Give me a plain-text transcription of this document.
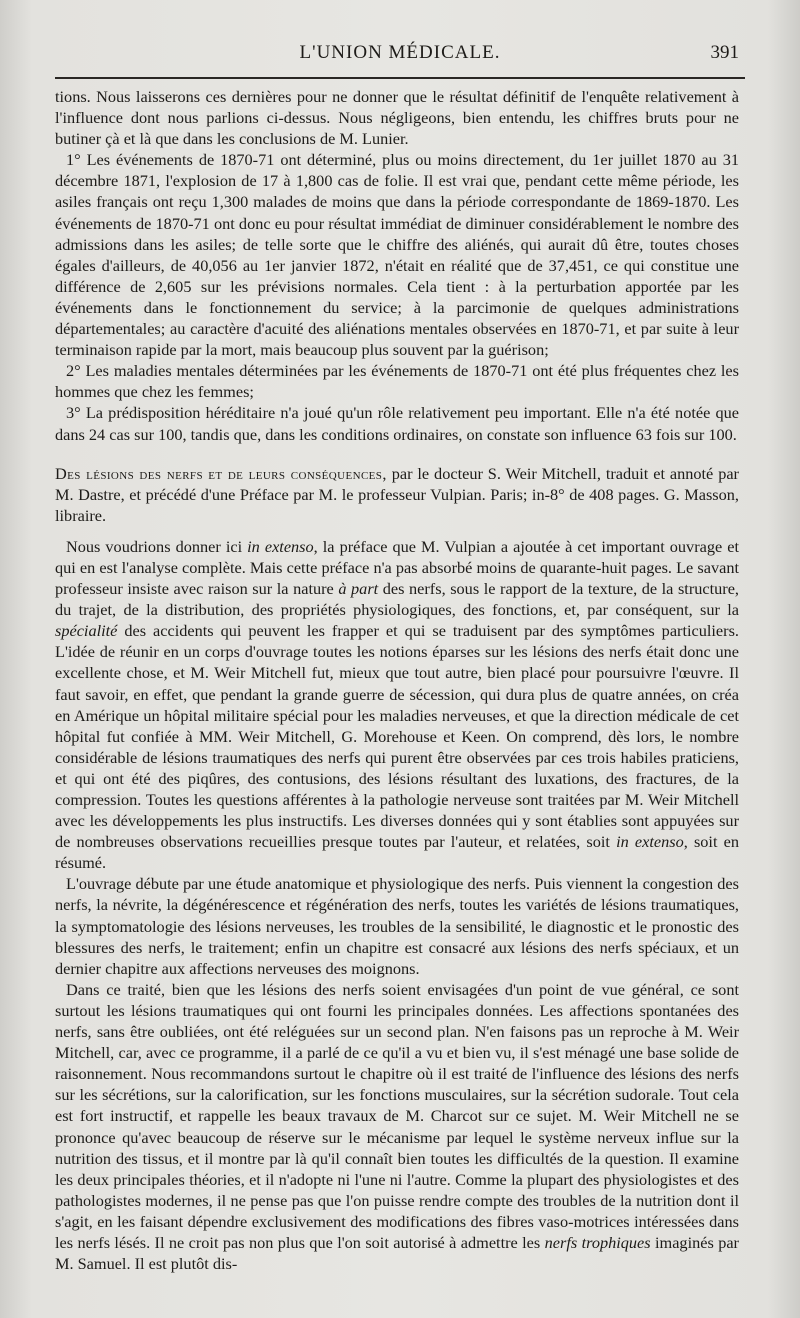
L'UNION MÉDICALE.	391

tions. Nous laisserons ces dernières pour ne donner que le résultat définitif de l'enquête relativement à l'influence dont nous parlions ci-dessus. Nous négligeons, bien entendu, les chiffres bruts pour ne butiner çà et là que dans les conclusions de M. Lunier.

1° Les événements de 1870-71 ont déterminé, plus ou moins directement, du 1er juillet 1870 au 31 décembre 1871, l'explosion de 17 à 1,800 cas de folie. Il est vrai que, pendant cette même période, les asiles français ont reçu 1,300 malades de moins que dans la période correspondante de 1869-1870. Les événements de 1870-71 ont donc eu pour résultat immédiat de diminuer considérablement le nombre des admissions dans les asiles; de telle sorte que le chiffre des aliénés, qui aurait dû être, toutes choses égales d'ailleurs, de 40,056 au 1er janvier 1872, n'était en réalité que de 37,451, ce qui constitue une différence de 2,605 sur les prévisions normales. Cela tient : à la perturbation apportée par les événements dans le fonctionnement du service; à la parcimonie de quelques administrations départementales; au caractère d'acuité des aliénations mentales observées en 1870-71, et par suite à leur terminaison rapide par la mort, mais beaucoup plus souvent par la guérison;

2° Les maladies mentales déterminées par les événements de 1870-71 ont été plus fréquentes chez les hommes que chez les femmes;

3° La prédisposition héréditaire n'a joué qu'un rôle relativement peu important. Elle n'a été notée que dans 24 cas sur 100, tandis que, dans les conditions ordinaires, on constate son influence 63 fois sur 100.

Des lésions des nerfs et de leurs conséquences, par le docteur S. Weir Mitchell, traduit et annoté par M. Dastre, et précédé d'une Préface par M. le professeur Vulpian. Paris; in-8° de 408 pages. G. Masson, libraire.

Nous voudrions donner ici in extenso, la préface que M. Vulpian a ajoutée à cet important ouvrage et qui en est l'analyse complète. Mais cette préface n'a pas absorbé moins de quarante-huit pages. Le savant professeur insiste avec raison sur la nature à part des nerfs, sous le rapport de la texture, de la structure, du trajet, de la distribution, des propriétés physiologiques, des fonctions, et, par conséquent, sur la spécialité des accidents qui peuvent les frapper et qui se traduisent par des symptômes particuliers. L'idée de réunir en un corps d'ouvrage toutes les notions éparses sur les lésions des nerfs était donc une excellente chose, et M. Weir Mitchell fut, mieux que tout autre, bien placé pour poursuivre l'œuvre. Il faut savoir, en effet, que pendant la grande guerre de sécession, qui dura plus de quatre années, on créa en Amérique un hôpital militaire spécial pour les maladies nerveuses, et que la direction médicale de cet hôpital fut confiée à MM. Weir Mitchell, G. Morehouse et Keen. On comprend, dès lors, le nombre considérable de lésions traumatiques des nerfs qui purent être observées par ces trois habiles praticiens, et qui ont été des piqûres, des contusions, des lésions résultant des luxations, des fractures, de la compression. Toutes les questions afférentes à la pathologie nerveuse sont traitées par M. Weir Mitchell avec les développements les plus instructifs. Les diverses données qui y sont établies sont appuyées sur de nombreuses observations recueillies presque toutes par l'auteur, et relatées, soit in extenso, soit en résumé.

L'ouvrage débute par une étude anatomique et physiologique des nerfs. Puis viennent la congestion des nerfs, la névrite, la dégénérescence et régénération des nerfs, toutes les variétés de lésions traumatiques, la symptomatologie des lésions nerveuses, les troubles de la sensibilité, le diagnostic et le pronostic des blessures des nerfs, le traitement; enfin un chapitre est consacré aux lésions des nerfs spéciaux, et un dernier chapitre aux affections nerveuses des moignons.

Dans ce traité, bien que les lésions des nerfs soient envisagées d'un point de vue général, ce sont surtout les lésions traumatiques qui ont fourni les principales données. Les affections spontanées des nerfs, sans être oubliées, ont été reléguées sur un second plan. N'en faisons pas un reproche à M. Weir Mitchell, car, avec ce programme, il a parlé de ce qu'il a vu et bien vu, il s'est ménagé une base solide de raisonnement. Nous recommandons surtout le chapitre où il est traité de l'influence des lésions des nerfs sur les sécrétions, sur la calorification, sur les fonctions musculaires, sur la sécrétion sudorale. Tout cela est fort instructif, et rappelle les beaux travaux de M. Charcot sur ce sujet. M. Weir Mitchell ne se prononce qu'avec beaucoup de réserve sur le mécanisme par lequel le système nerveux influe sur la nutrition des tissus, et il montre par là qu'il connaît bien toutes les difficultés de la question. Il examine les deux principales théories, et il n'adopte ni l'une ni l'autre. Comme la plupart des physiologistes et des pathologistes modernes, il ne pense pas que l'on puisse rendre compte des troubles de la nutrition dont il s'agit, en les faisant dépendre exclusivement des modifications des fibres vaso-motrices intéressées dans les nerfs lésés. Il ne croit pas non plus que l'on soit autorisé à admettre les nerfs trophiques imaginés par M. Samuel. Il est plutôt dis-
